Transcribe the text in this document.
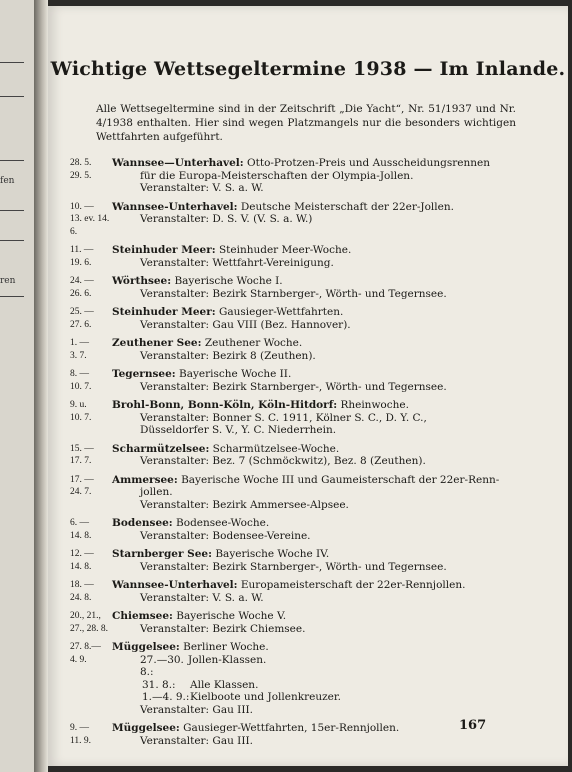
fen
ren
Wichtige Wettsegeltermine 1938 — Im Inlande.
Alle Wettsegeltermine sind in der Zeitschrift „Die Yacht“, Nr. 51/1937 und Nr. 4/1938 enthalten. Hier sind wegen Platzmangels nur die besonders wichtigen Wettfahrten aufgeführt.
28. 5.	Wannsee—Unterhavel: Otto-Protzen-Preis und Ausscheidungsrennen
29. 5.	für die Europa-Meisterschaften der Olympia-Jollen.
Veranstalter: V. S. a. W.
10. —	Wannsee-Unterhavel: Deutsche Meisterschaft der 22er-Jollen.
13. ev. 14. 6.
Veranstalter: D. S. V. (V. S. a. W.)
11. —	Steinhuder Meer: Steinhuder Meer-Woche.
19. 6.	Veranstalter: Wettfahrt-Vereinigung.
24. —	Wörthsee: Bayerische Woche I.
26. 6.	Veranstalter: Bezirk Starnberger-, Wörth- und Tegernsee.
25. —	Steinhuder Meer: Gausieger-Wettfahrten.
27. 6.	Veranstalter: Gau VIII (Bez. Hannover).
1. —	Zeuthener See: Zeuthener Woche.
3. 7.	Veranstalter: Bezirk 8 (Zeuthen).
8. —	Tegernsee: Bayerische Woche II.
10. 7.	Veranstalter: Bezirk Starnberger-, Wörth- und Tegernsee.
9. u.	Brohl-Bonn, Bonn-Köln, Köln-Hitdorf: Rheinwoche.
10. 7.	Veranstalter: Bonner S. C. 1911, Kölner S. C., D. Y. C.,
Düsseldorfer S. V., Y. C. Niederrhein.
15. —	Scharmützelsee: Scharmützelsee-Woche.
17. 7.	Veranstalter: Bez. 7 (Schmöckwitz), Bez. 8 (Zeuthen).
17. —	Ammersee: Bayerische Woche III und Gaumeisterschaft der 22er-Renn-
24. 7.	jollen.
Veranstalter: Bezirk Ammersee-Alpsee.
6. —	Bodensee: Bodensee-Woche.
14. 8.	Veranstalter: Bodensee-Vereine.
12. —	Starnberger See: Bayerische Woche IV.
14. 8.	Veranstalter: Bezirk Starnberger-, Wörth- und Tegernsee.
18. —	Wannsee-Unterhavel: Europameisterschaft der 22er-Rennjollen.
24. 8.	Veranstalter: V. S. a. W.
20., 21.,	Chiemsee: Bayerische Woche V.
27., 28. 8.	Veranstalter: Bezirk Chiemsee.
27. 8.—	Müggelsee: Berliner Woche.
4. 9.	27.—30. 8.:
Jollen-Klassen.
31. 8.:	Alle Klassen.
1.—4. 9.: Kielboote und Jollenkreuzer.
Veranstalter: Gau III.
9. —	Müggelsee: Gausieger-Wettfahrten, 15er-Rennjollen.
11. 9.	Veranstalter: Gau III.
167
